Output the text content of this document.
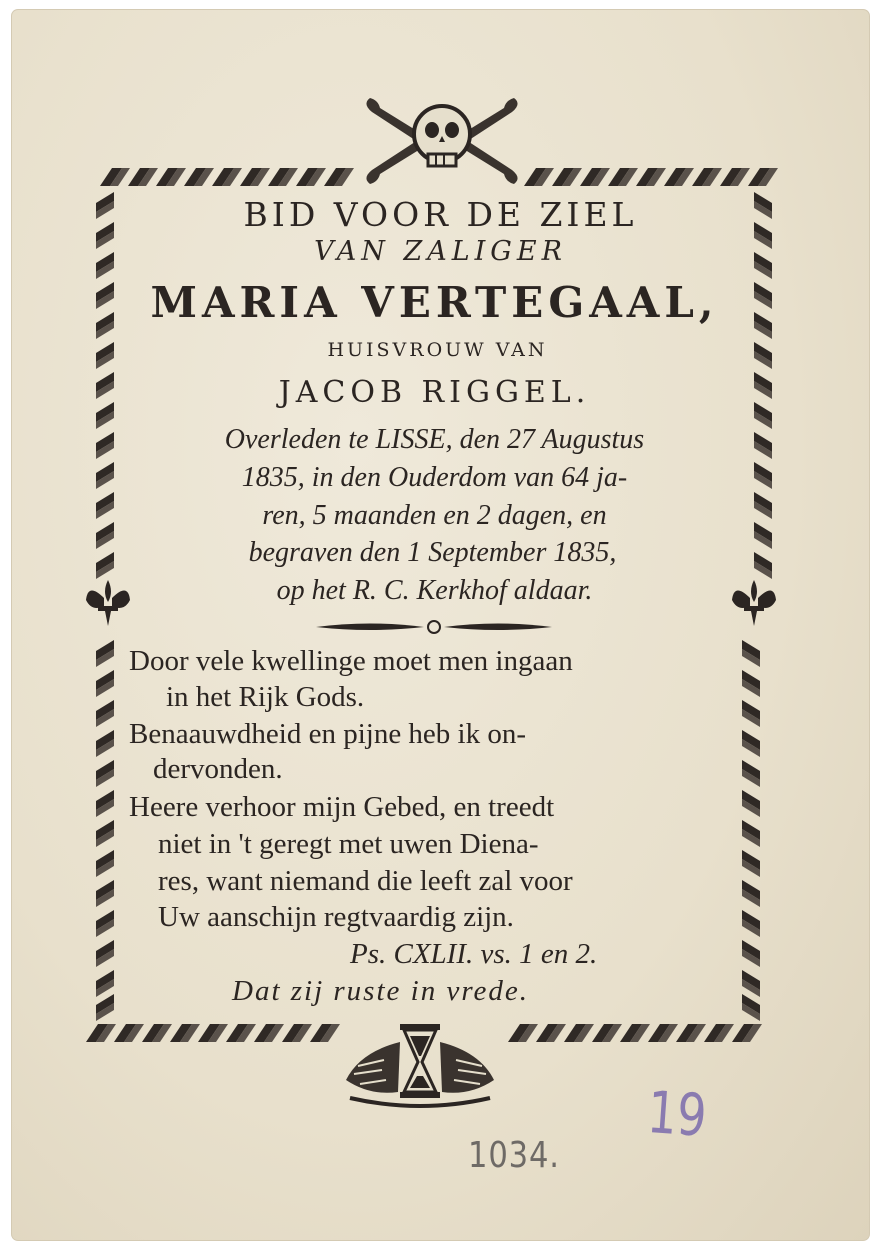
BID VOOR DE ZIEL
VAN ZALIGER
MARIA VERTEGAAL,
HUISVROUW VAN
JACOB RIGGEL.
Overleden te LISSE, den 27 Augustus
1835, in den Ouderdom van 64 ja-
ren, 5 maanden en 2 dagen, en
begraven den 1 September 1835,
op het R. C. Kerkhof aldaar.
Door vele kwellinge moet men ingaan
in het Rijk Gods.
Benaauwdheid en pijne heb ik on-
dervonden.
Heere verhoor mijn Gebed, en treedt
niet in 't geregt met uwen Diena-
res, want niemand die leeft zal voor
Uw aanschijn regtvaardig zijn.
Ps. CXLII. vs. 1 en 2.
Dat zij ruste in vrede.
1034.
19
